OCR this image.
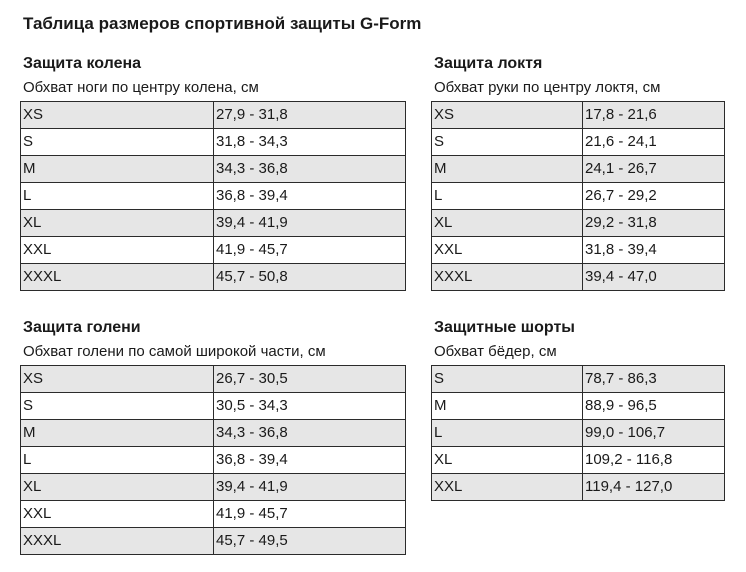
Таблица размеров спортивной защиты G-Form
Защита колена
Обхват ноги по центру колена, см
XS	27,9 - 31,8
S	31,8 - 34,3
M	34,3 - 36,8
L	36,8 - 39,4
XL	39,4 - 41,9
XXL	41,9 - 45,7
XXXL	45,7 - 50,8
Защита локтя
Обхват руки по центру локтя, см
XS	17,8 - 21,6
S	21,6 - 24,1
M	24,1 - 26,7
L	26,7 - 29,2
XL	29,2 - 31,8
XXL	31,8 - 39,4
XXXL	39,4 - 47,0
Защита голени
Обхват голени по самой широкой части, см
XS	26,7 - 30,5
S	30,5 - 34,3
M	34,3 - 36,8
L	36,8 - 39,4
XL	39,4 - 41,9
XXL	41,9 - 45,7
XXXL	45,7 - 49,5
Защитные шорты
Обхват бёдер, см
S	78,7 - 86,3
M	88,9 - 96,5
L	99,0 - 106,7
XL	109,2 - 116,8
XXL	119,4 - 127,0
